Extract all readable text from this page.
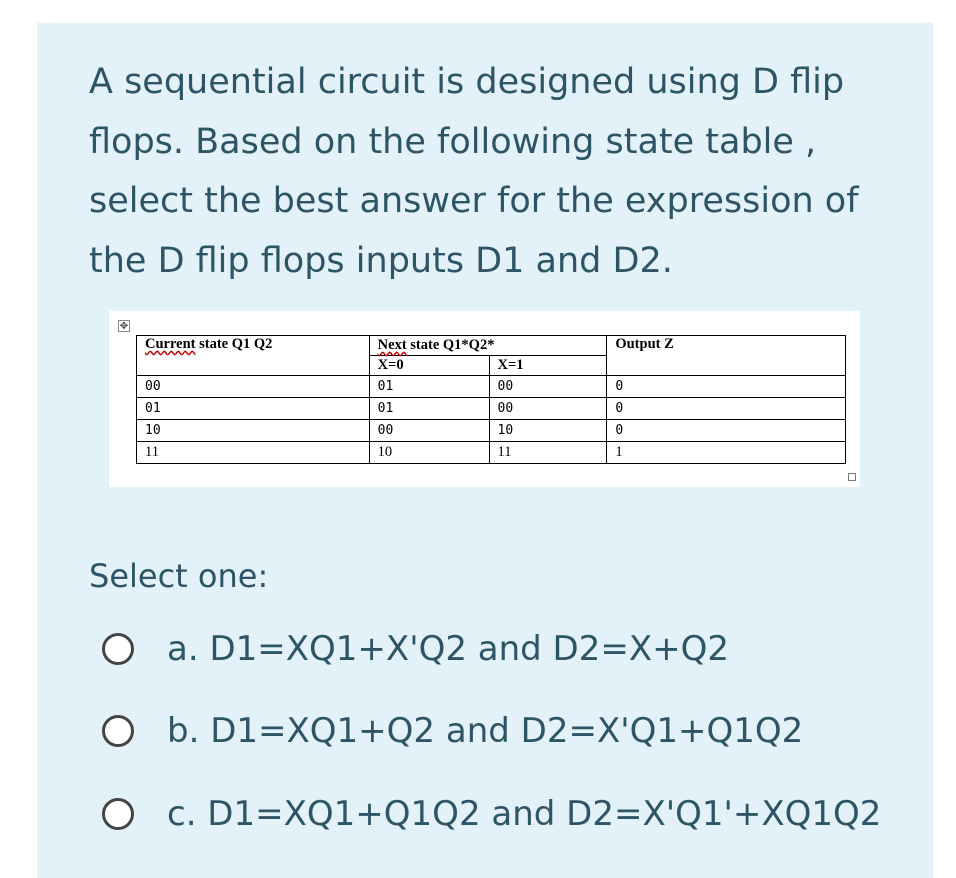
A sequential circuit is designed using D flip
flops. Based on the following state table ,
select the best answer for the expression of
the D flip flops inputs D1 and D2.

✥
Current state Q1 Q2	Next state Q1*Q2*		Output Z
	X=0	X=1	
00	01	00	0
01	01	00	0
10	00	10	0
11	10	11	1
Select one:
a. D1=XQ1+X'Q2 and D2=X+Q2
b. D1=XQ1+Q2 and D2=X'Q1+Q1Q2
c. D1=XQ1+Q1Q2 and D2=X'Q1'+XQ1Q2
